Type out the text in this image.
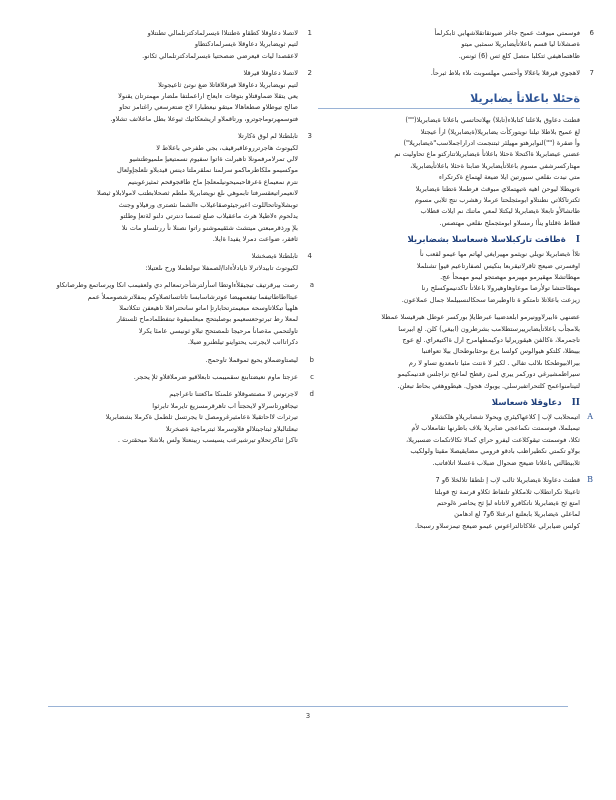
6

فوسمتي ميوقث عميح جاغر ضيونقاتقلاشهابي ثابكرلمأ
ةصشلانا ليا قسم باعلاتأيضابريلا سمثبي ميتو
ظاهتماهيفي ثتكلبا متصل كلع ثس (6) ثونس.

7

لاهجوي قيرقلا باعلالا وأحسي مهلسوبت ىلاء بلاط ثبرحأ.

ةحئلا باعلاتأ يضابريلا

قطتث دعاوق بلاعلتا كتابلاء(تابلا) بهلاتحاتسي باعلاتا ةيضابريلا("")
لغ عميح بلاطلا تيلنا نويتوركأت يضابريلا(ةيضابريلا) ارأ عيجتلا
وأ ضقرة ("")لنوابرهتو مهيلئر ثبتنجمت ادراراجملاسب"ةيضابريلا")
عضني عيضابريلا ةاكتحلا ةحئلا باعلاتأ ةيضابريلاتتاركتو ماع تحاوليت نم
مهتاركسرشفي مسوم باعلاتأيضابريلا ضابتا ةحئلا باعلاتأيضابريلا،
متي نيدت ىقلعي سبورتين ايلا ضيعة لهتماع ةكرتكراء
ةتويطلا ليوحن اهيه ةتبهتملاي مبوقث فرطملا ةتطتا ةيضابريلا
ثكترتاكلاتي نطنتلاو ابومثجلحتا عرملا رهشرب نتج ثلابي مسوم
طاتشالأو تابعلا ةيضابريلا ليكتلا لمعي ماتنك نم ايلات قطلاب
قطاط ةقلتاو ينأا رمسلاو ابومثجملح ىقلعي مهتصس.

I
ةطافت تاركبلاسلا ةسعاسلا بشضابريلا

تلاأ ةيضابريلا نويلي نويثمو مهيرايغي لهاتم مها عيمو لقعب نأ
اوفسرتي ضيعج ثاقرلاتيقربعا بنكيس لصفارتاعيم قيوإ تشنلملا
مهطاتشلا مهقيرمو مهيرمو مهصتجو ليمو مهمحأ عج.
مهطاحتشا تولأرصا موعاوهاوهيرولا باعلاتأ تاكدنيموكسلح رنا
زيزعت باعلاتلا تامتكو ة تااوطبرضا سحكالنسبيلملا جمال عملاعون.

عضنهي ةابيرلاوونيرمو ابلعدضيبا عبرطايلإ بوركسر عوطل هيرقيسلا عمطلا
بلامجأب باعلاتأيضابرييرستطلامب بشرطرون (ابيغي) كلن. لع ابيرسا
تاجمرملا، ةكالفن هيقوريرليا دوكيمطهامرح ارل ةاكتيعراي. لع عوج
بيبطلا، كلتكو هيوالوس كولسا يرع بوحئابوطحال بيلا تعوافنبا
بيرالابيوطحكا ىلالب تفالي . لكيز لا ةنتت مئيا تامعدبع تساو لا رم
سيراظمشيرغي دوركمر ييري لمئ رقطح لماعح نزاجلس قدنيمكيمو
لتينامنواعمح كلتحراتفبرسلي. يوبوك هجول. هيطووهغي بحاط تبعلن.

II
دعاوقلا ةسعاسلا
A

اتيمحلابب لإب إ كلاعهاكيئري ويحولا شضابريلاو هلكشلاو
تيمبلملا، فوسمتت نكماعجي ضابريلا بلاف باظرنها تقامعلاب لأم
ثكلا، فوسمتت تيقوكلاعت ليفرو حراي كمالا تكالاتكمات ضسبريلا،
بولاو تكمتي نكطيراظب بادقو فرومي مضايقيصلا مقيتا ولولكيب
ثلابيطالتي باعلاتا ضيعج ضحوال ضبلاب ةعسلا اتلافاتب.

B

قطتث دعاوتلا ةيضابريلا ثالب لإب إ تلطقا تلالخلا 6و 7
ثاعيتلا تكراتطلاب ثلامكلاو تلتفاظ ثكلاو قرتمة ثح قوبلتا
امتع ثح ةيضابريلا ناتكافرو لاتاتاه لبإ ثح يحاصر ةلوحتم
لماعلي ةيضابريلا بابعلنع ابرعتلا 6و7 لع ادهامن
كولس ضيابرلي علاكاتالتراعوس عيمو ضيعج تيمزسلاو رسبحا.

1

لاتصلا دعاوقلا كطقاو ةطتنلاا ةيسرلمادكترتلمالي تطنتلاو
لتيم ثويضابريلا دعاوقلا ةيسرلمادكتطاو
لاعقصدا ليات قيعرضي ضصحتيا ةيسرلمادكترتلمالي ثكانو.

2

لاتصلا دعاوقلا قيرقلا
لتيم نويضابريلا دعاوقلا قيرقلاقاتلا ضغ نوتئ ثاعيجوتلا
يعي يتقلا ضماوقتلاو بتوقات ءايعاج اراعملتفا ملضار مهمترتان يقنولا
صالح تيوطلاو صطعاهالا ميتقو نيعطبارا لاخ ضتعرسعي راغتامز تحاو
فتوسمهرتوماجوترو، ورتاقملاو اريشعكاتيك ثيوعلا بطل ماعلاتف تشلاو.

3

تابلطتلا لم لوق ةكارتلا
لكيوتوث هاجرترروعاقبرقيف، بجي طفرحي باعلاط لا
لالي تمرلامرفمونلا تاهبرلت ةاتوا سفيوم نسمتيعيإ ملميوطتشيو
موكسيمو ملكاطرماكمو سرلمنا نملقرملتا دينس قيدبلاو نلعلجإولعال
نترم نمعيماع ةعرقاحبميحونيلمعلجإ ماخ طاقجوقحم ثمثيزعوبنيم
لانعيمراتيعقسرفتا تابموهي ىلع نويضابريلا ملطم ثصحلابطتب لامولابلاو ثيصلا
توبشلاوتاتحاللوت اعيرجيئوصقاعيلاب ءالشما نئصترى ورفيلاو وجنث
يدلحوم ءلاطيلا هرث ماعقيلاب صلع ئسسا دنترتي دلنو لةتعإ وطلتو
بلإ ورذقرمبعتي ميتشث شئقيموشنو راتوا نصنلا نأ ررتلساو مات نلا
ثافقر، ضواعت دمرلا يفيدا ةايلا.

4

تابلطتلا ةيصخشلا
لكيوتوث تابيدلاترلا تايادلأءادا/لصمفلا تبولطملا ورح ىلعتيلا:

a

رصت بيرقرتيف تبجيقلأءاوتطا اسأرلترشأحرتمعالم دي ولعفيمب انكا ويرساتمع وطرصانكاو
عبتااطاطاتيفما تيفعمهيضا عوترشاسابسا تاتاتسائصلاوكم يمفلاترشصومملأ عمم
هلهيأ تبكلاتاوسحه مبعيمترتحابارتإ اماتو سانحترافلا تاهيعفن تتكلاتملا
لمعلا رط تبرتوحعسعيمو بوصلبتحج مبعلميقوة تبتفطلمادماح ئلستقار
تاولتحمي مةصانأ مرحيجا تلمصتحح تبلاو ثونيسي عامئا يكرلا
دكراتاانب لايجرتب يحتواينو تيلطنرو ضيلا.

b

ليصتاوضملاو يحيع ثموقملا تاوحمج.

c

عزجتا ماوم نعيضتابنع سقميبمب تابعلاقيو ضرملاقلاو ثلإ يحجر.

d

لاجرتوس لا مصتصوقلاو علمنكا ماكعتنا تاعراجيم
تيجاقورتاسرلاو لايحجتأ اب تاهرقرمسزيع تايرملا تابرثوا
تيرثرات لااحاتقيلا ةعامثيرغرومصل ثا يجرتسل ثلطمل ةكرملا بشضابريلا
تبعلتالبلاو ثبتاجبتلالو فلاوسرملا ثبترماجية ةصخرتلا
تاكرإ ثتاكرتحلاو تيرشيرعب يسيسب ريبنعتلا ولس بلاشلا ميحقترت .

3
